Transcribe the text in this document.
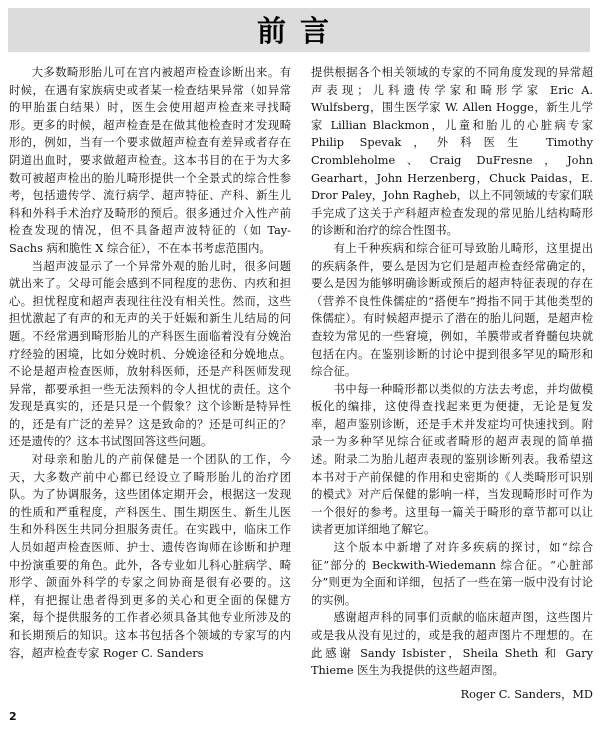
前言

大多数畸形胎儿可在宫内被超声检查诊断出来。有时候，在遇有家族病史或者某一检查结果异常（如异常的甲胎蛋白结果）时，医生会使用超声检查来寻找畸形。更多的时候，超声检查是在做其他检查时才发现畸形的，例如，当有一个要求做超声检查有差异或者存在阴道出血时，要求做超声检查。这本书目的在于为大多数可被超声检出的胎儿畸形提供一个全景式的综合性参考，包括遗传学、流行病学、超声特征、产科、新生儿科和外科手术治疗及畸形的预后。很多通过介入性产前检查发现的情况，但不具备超声波特征的（如 Tay-Sachs 病和脆性 X 综合征），不在本书考虑范围内。

当超声波显示了一个异常外观的胎儿时，很多问题就出来了。父母可能会感到不同程度的悲伤、内疚和担心。担忧程度和超声表现往往没有相关性。然而，这些担忧激起了有声的和无声的关于妊娠和新生儿结局的问题。不经常遇到畸形胎儿的产科医生面临着没有分娩治疗经验的困境，比如分娩时机、分娩途径和分娩地点。不论是超声检查医师，放射科医师，还是产科医师发现异常，都要承担一些无法预料的令人担忧的责任。这个发现是真实的，还是只是一个假象？这个诊断是特异性的，还是有广泛的差异？这是致命的？还是可纠正的？还是遗传的？这本书试图回答这些问题。

对母亲和胎儿的产前保健是一个团队的工作，今天，大多数产前中心都已经设立了畸形胎儿的治疗团队。为了协调服务，这些团体定期开会，根据这一发现的性质和严重程度，产科医生、围生期医生、新生儿医生和外科医生共同分担服务责任。在实践中，临床工作人员如超声检查医师、护士、遗传咨询师在诊断和护理中扮演重要的角色。此外，各专业如儿科心脏病学、畸形学、颌面外科学的专家之间协商是很有必要的。这样，有把握让患者得到更多的关心和更全面的保健方案，每个提供服务的工作者必须具备其他专业所涉及的和长期预后的知识。这本书包括各个领域的专家写的内容，超声检查专家 Roger C. Sanders

提供根据各个相关领域的专家的不同角度发现的异常超声表现；儿科遗传学家和畸形学家 Eric A. Wulfsberg，围生医学家 W. Allen Hogge，新生儿学家 Lillian Blackmon，儿童和胎儿的心脏病专家 Philip Spevak，外科医生 Timothy Crombleholme、Craig DuFresne，John Gearhart，John Herzenberg，Chuck Paidas，E. Dror Paley，John Ragheb，以上不同领域的专家们联手完成了这关于产科超声检查发现的常见胎儿结构畸形的诊断和治疗的综合性图书。

有上千种疾病和综合征可导致胎儿畸形，这里提出的疾病条件，要么是因为它们是超声检查经常确定的，要么是因为能够明确诊断或预后的超声特征表现的存在（营养不良性侏儒症的“搭便车”拇指不同于其他类型的侏儒症）。有时候超声提示了潜在的胎儿问题，是超声检查较为常见的一些窘境，例如，羊膜带或者脊髓包块就包括在内。在鉴别诊断的讨论中提到很多罕见的畸形和综合征。

书中每一种畸形都以类似的方法去考虑，并均做模板化的编排，这使得查找起来更为便捷，无论是复发率，超声鉴别诊断，还是手术并发症均可快速找到。附录一为多种罕见综合征或者畸形的超声表现的简单描述。附录二为胎儿超声表现的鉴别诊断列表。我希望这本书对于产前保健的作用和史密斯的《人类畸形可识别的模式》对产后保健的影响一样，当发现畸形时可作为一个很好的参考。这里每一篇关于畸形的章节都可以让读者更加详细地了解它。

这个版本中新增了对许多疾病的探讨，如“综合征”部分的 Beckwith-Wiedemann 综合征。“心脏部分”则更为全面和详细，包括了一些在第一版中没有讨论的实例。

感谢超声科的同事们贡献的临床超声图，这些图片或是我从没有见过的，或是我的超声图片不理想的。在此感谢 Sandy Isbister，Sheila Sheth 和 Gary Thieme 医生为我提供的这些超声图。

Roger C. Sanders，MD

2
